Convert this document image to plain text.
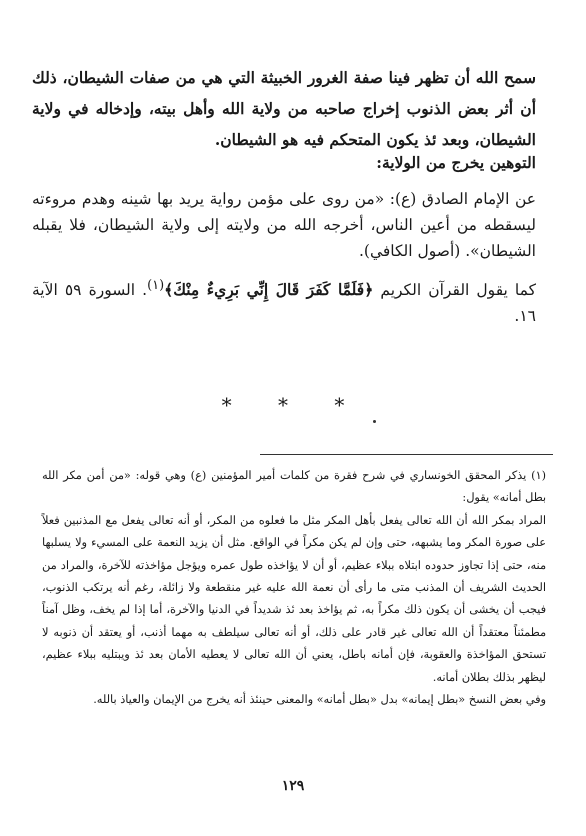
سمح الله أن تظهر فينا صفة الغرور الخبيثة التي هي من صفات الشيطان، ذلك أن أثر بعض الذنوب إخراج صاحبه من ولاية الله وأهل بيته، وإدخاله في ولاية الشيطان، وبعد ئذ يكون المتحكم فيه هو الشيطان.

التوهين يخرج من الولاية:

عن الإمام الصادق (ع): «من روى على مؤمن رواية يريد بها شينه وهدم مروءته ليسقطه من أعين الناس، أخرجه الله من ولايته إلى ولاية الشيطان، فلا يقبله الشيطان». (أصول الكافي).

كما يقول القرآن الكريم ﴿فَلَمَّا كَفَرَ قَالَ إِنِّي بَرِيءٌ مِنْكَ﴾$^{(١)}$. السورة ٥٩ الآية ١٦.

* * *

(١) يذكر المحقق الخونساري في شرح فقرة من كلمات أمير المؤمنين (ع) وهي قوله: «من أمن مكر الله بطل أمانه» يقول:

المراد بمكر الله أن الله تعالى يفعل بأهل المكر مثل ما فعلوه من المكر، أو أنه تعالى يفعل مع المذنبين فعلاً على صورة المكر وما يشبهه، حتى وإن لم يكن مكراً في الواقع. مثل أن يزيد النعمة على المسيء ولا يسلبها منه، حتى إذا تجاوز حدوده ابتلاه ببلاء عظيم، أو أن لا يؤاخذه طول عمره ويؤجل مؤاخذته للآخرة، والمراد من الحديث الشريف أن المذنب متى ما رأى أن نعمة الله عليه غير منقطعة ولا زائلة، رغم أنه يرتكب الذنوب، فيجب أن يخشى أن يكون ذلك مكراً به، ثم يؤاخذ بعد ئذ شديداً في الدنيا والآخرة، أما إذا لم يخف، وظل آمناً مطمئناً معتقداً أن الله تعالى غير قادر على ذلك، أو أنه تعالى سيلطف به مهما أذنب، أو يعتقد أن ذنوبه لا تستحق المؤاخذة والعقوبة، فإن أمانه باطل، يعني أن الله تعالى لا يعطيه الأمان بعد ئذ ويبتليه ببلاء عظيم، ليظهر بذلك بطلان أمانه.

وفي بعض النسخ «بطل إيمانه» بدل «بطل أمانه» والمعنى حينئذ أنه يخرج من الإيمان والعياذ بالله.

١٢٩
